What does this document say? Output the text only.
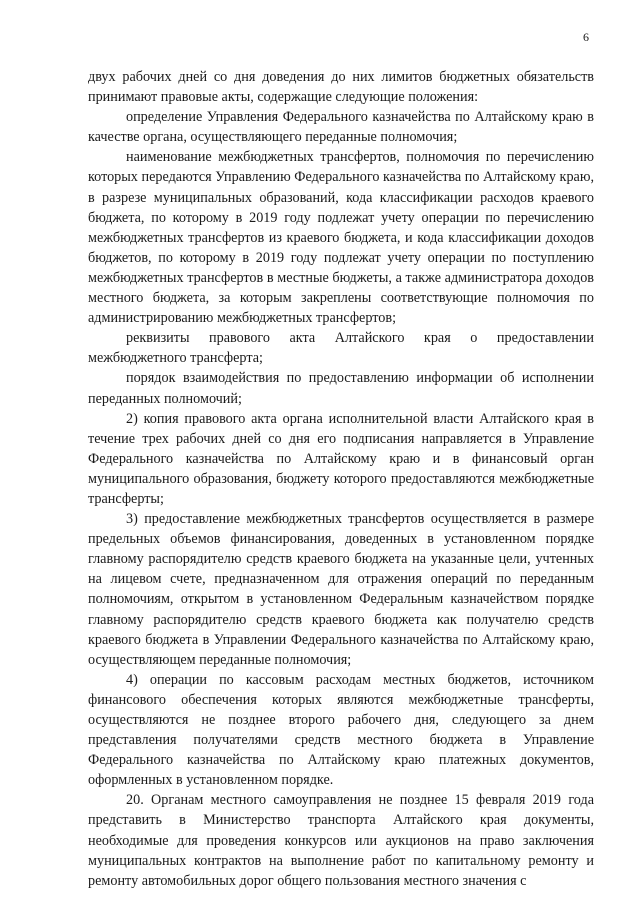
6

двух рабочих дней со дня доведения до них лимитов бюджетных обязательств принимают правовые акты, содержащие следующие положения:

определение Управления Федерального казначейства по Алтайскому краю в качестве органа, осуществляющего переданные полномочия;

наименование межбюджетных трансфертов, полномочия по перечислению которых передаются Управлению Федерального казначейства по Алтайскому краю, в разрезе муниципальных образований, кода классификации расходов краевого бюджета, по которому в 2019 году подлежат учету операции по перечислению межбюджетных трансфертов из краевого бюджета, и кода классификации доходов бюджетов, по которому в 2019 году подлежат учету операции по поступлению межбюджетных трансфертов в местные бюджеты, а также администратора доходов местного бюджета, за которым закреплены соответствующие полномочия по администрированию межбюджетных трансфертов;

реквизиты правового акта Алтайского края о предоставлении межбюджетного трансферта;

порядок взаимодействия по предоставлению информации об исполнении переданных полномочий;

2) копия правового акта органа исполнительной власти Алтайского края в течение трех рабочих дней со дня его подписания направляется в Управление Федерального казначейства по Алтайскому краю и в финансовый орган муниципального образования, бюджету которого предоставляются межбюджетные трансферты;

3) предоставление межбюджетных трансфертов осуществляется в размере предельных объемов финансирования, доведенных в установленном порядке главному распорядителю средств краевого бюджета на указанные цели, учтенных на лицевом счете, предназначенном для отражения операций по переданным полномочиям, открытом в установленном Федеральным казначейством порядке главному распорядителю средств краевого бюджета как получателю средств краевого бюджета в Управлении Федерального казначейства по Алтайскому краю, осуществляющем переданные полномочия;

4) операции по кассовым расходам местных бюджетов, источником финансового обеспечения которых являются межбюджетные трансферты, осуществляются не позднее второго рабочего дня, следующего за днем представления получателями средств местного бюджета в Управление Федерального казначейства по Алтайскому краю платежных документов, оформленных в установленном порядке.

20. Органам местного самоуправления не позднее 15 февраля 2019 года представить в Министерство транспорта Алтайского края документы, необходимые для проведения конкурсов или аукционов на право заключения муниципальных контрактов на выполнение работ по капитальному ремонту и ремонту автомобильных дорог общего пользования местного значения с
